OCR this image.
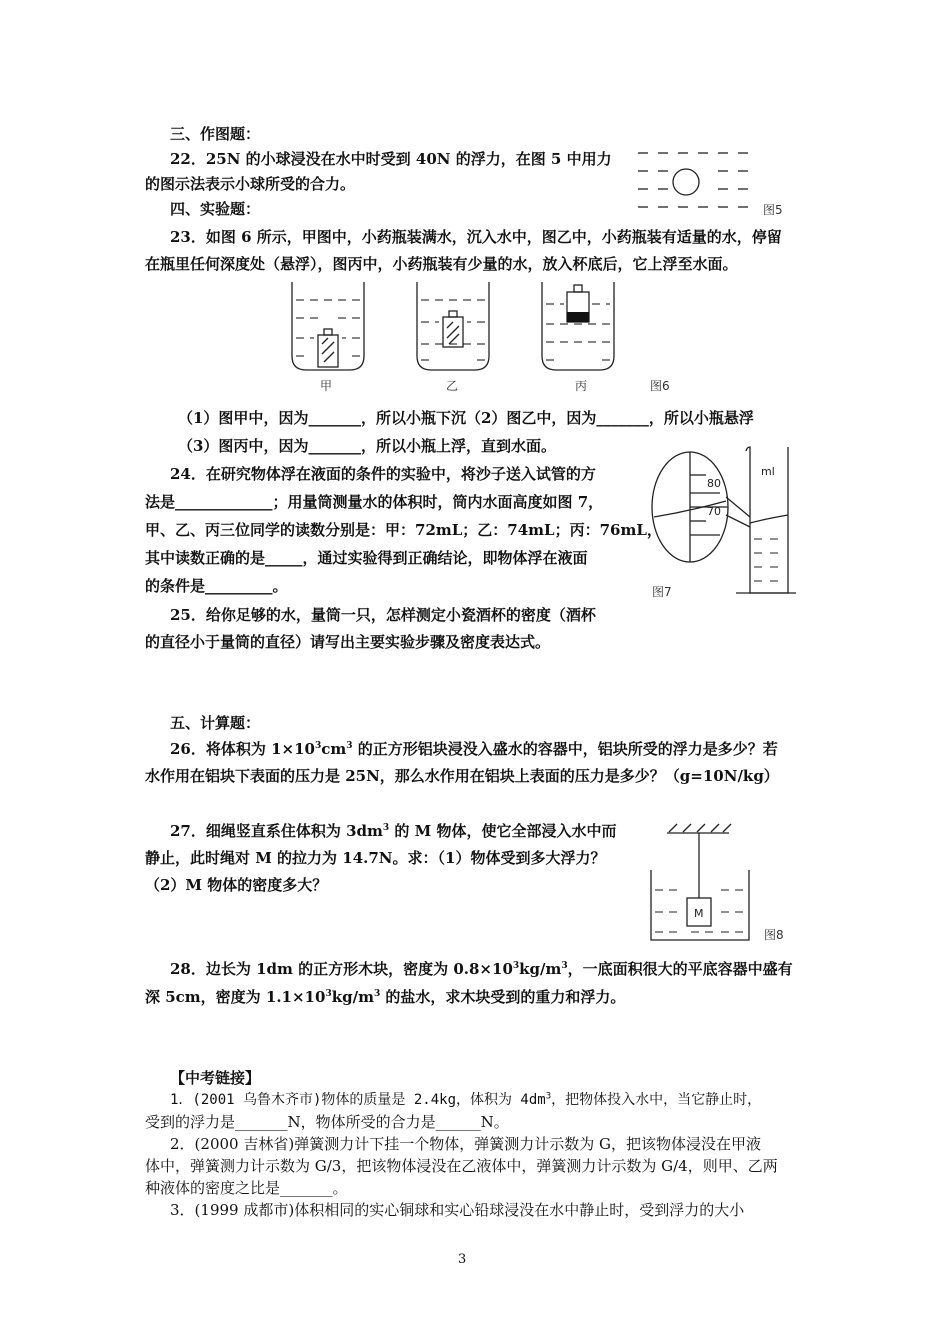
三、作图题：
22．25N 的小球浸没在水中时受到 40N 的浮力，在图 5 中用力
的图示法表示小球所受的合力。
图5
四、实验题：
23．如图 6 所示，甲图中，小药瓶装满水，沉入水中，图乙中，小药瓶装有适量的水，停留
在瓶里任何深度处（悬浮），图丙中，小药瓶装有少量的水，放入杯底后，它上浮至水面。
甲	乙	丙	图6
（1）图甲中，因为_______，所以小瓶下沉（2）图乙中，因为_______，所以小瓶悬浮
（3）图丙中，因为_______，所以小瓶上浮，直到水面。
24．在研究物体浮在液面的条件的实验中，将沙子送入试管的方
法是_____________；用量筒测量水的体积时，筒内水面高度如图 7，
甲、乙、丙三位同学的读数分别是：甲：72mL；乙：74mL；丙：76mL，
其中读数正确的是_____，通过实验得到正确结论，即物体浮在液面
的条件是_________。
80
70
ml
图7
25．给你足够的水，量筒一只，怎样测定小瓷酒杯的密度（酒杯
的直径小于量筒的直径）请写出主要实验步骤及密度表达式。
五、计算题：
26．将体积为 $1\times 10^3cm^3$ 的正方形铝块浸没入盛水的容器中，铝块所受的浮力是多少？若
水作用在铝块下表面的压力是 25N，那么水作用在铝块上表面的压力是多少？（g=10N/kg）
27．细绳竖直系住体积为 $3dm^3$ 的 M 物体，使它全部浸入水中而
静止，此时绳对 M 的拉力为 14.7N。求：（1）物体受到多大浮力？
（2）M 物体的密度多大？
M
图8
28．边长为 1dm 的正方形木块，密度为 $0.8\times 10^3kg/m^3$，一底面积很大的平底容器中盛有
深 5cm，密度为 $1.1\times 10^3kg/m^3$ 的盐水，求木块受到的重力和浮力。
【中考链接】
1．(2001 乌鲁木齐市)物体的质量是 2.4kg，体积为 $4dm^3$，把物体投入水中，当它静止时，
受到的浮力是_______N，物体所受的合力是______N。
2．(2000 吉林省)弹簧测力计下挂一个物体，弹簧测力计示数为 G，把该物体浸没在甲液
体中，弹簧测力计示数为 G/3，把该物体浸没在乙液体中，弹簧测力计示数为 G/4，则甲、乙两
种液体的密度之比是_______。
3．(1999 成都市)体积相同的实心铜球和实心铅球浸没在水中静止时，受到浮力的大小
3
